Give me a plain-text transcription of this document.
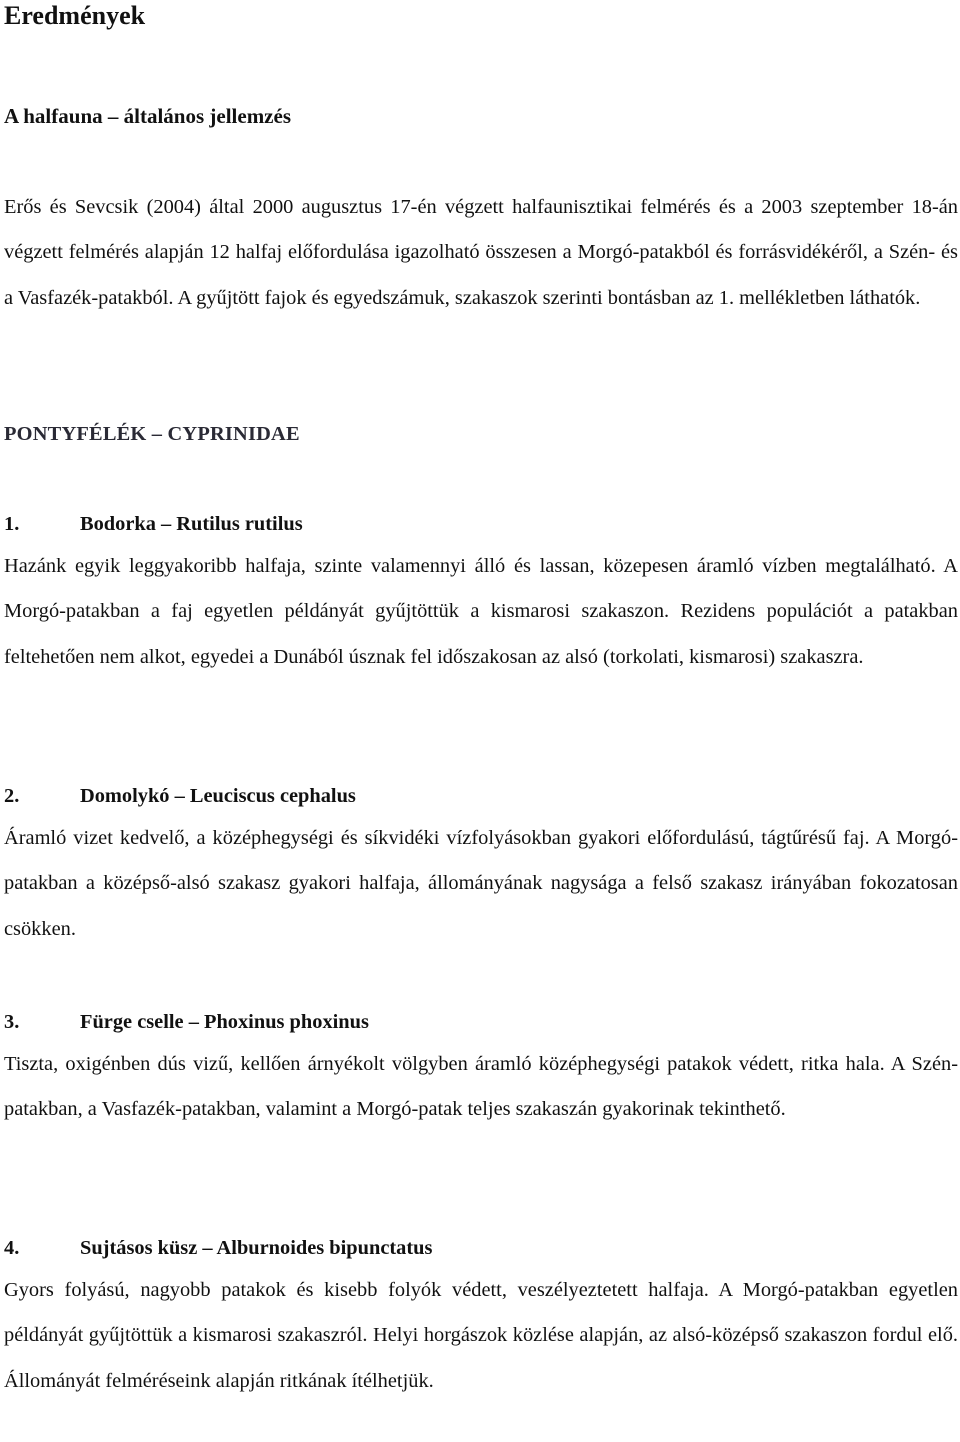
Eredmények
A halfauna – általános jellemzés

Erős és Sevcsik (2004) által 2000 augusztus 17-én végzett halfaunisztikai felmérés és a 2003 szeptember 18-án végzett felmérés alapján 12 halfaj előfordulása igazolható összesen a Morgó-patakból és forrásvidékéről, a Szén- és a Vasfazék-patakból. A gyűjtött fajok és egyedszámuk, szakaszok szerinti bontásban az 1. mellékletben láthatók.

PONTYFÉLÉK – CYPRINIDAE
1.	Bodorka – Rutilus rutilus

Hazánk egyik leggyakoribb halfaja, szinte valamennyi álló és lassan, közepesen áramló vízben megtalálható. A Morgó-patakban a faj egyetlen példányát gyűjtöttük a kismarosi szakaszon. Rezidens populációt a patakban feltehetően nem alkot, egyedei a Dunából úsznak fel időszakosan az alsó (torkolati, kismarosi) szakaszra.

2.	Domolykó – Leuciscus cephalus

Áramló vizet kedvelő, a középhegységi és síkvidéki vízfolyásokban gyakori előfordulású, tágtűrésű faj. A Morgó-patakban a középső-alsó szakasz gyakori halfaja, állományának nagysága a felső szakasz irányában fokozatosan csökken.

3.	Fürge cselle – Phoxinus phoxinus

Tiszta, oxigénben dús vizű, kellően árnyékolt völgyben áramló középhegységi patakok védett, ritka hala. A Szén-patakban, a Vasfazék-patakban, valamint a Morgó-patak teljes szakaszán gyakorinak tekinthető.

4.	Sujtásos küsz – Alburnoides bipunctatus

Gyors folyású, nagyobb patakok és kisebb folyók védett, veszélyeztetett halfaja. A Morgó-patakban egyetlen példányát gyűjtöttük a kismarosi szakaszról. Helyi horgászok közlése alapján, az alsó-középső szakaszon fordul elő. Állományát felméréseink alapján ritkának ítélhetjük.
